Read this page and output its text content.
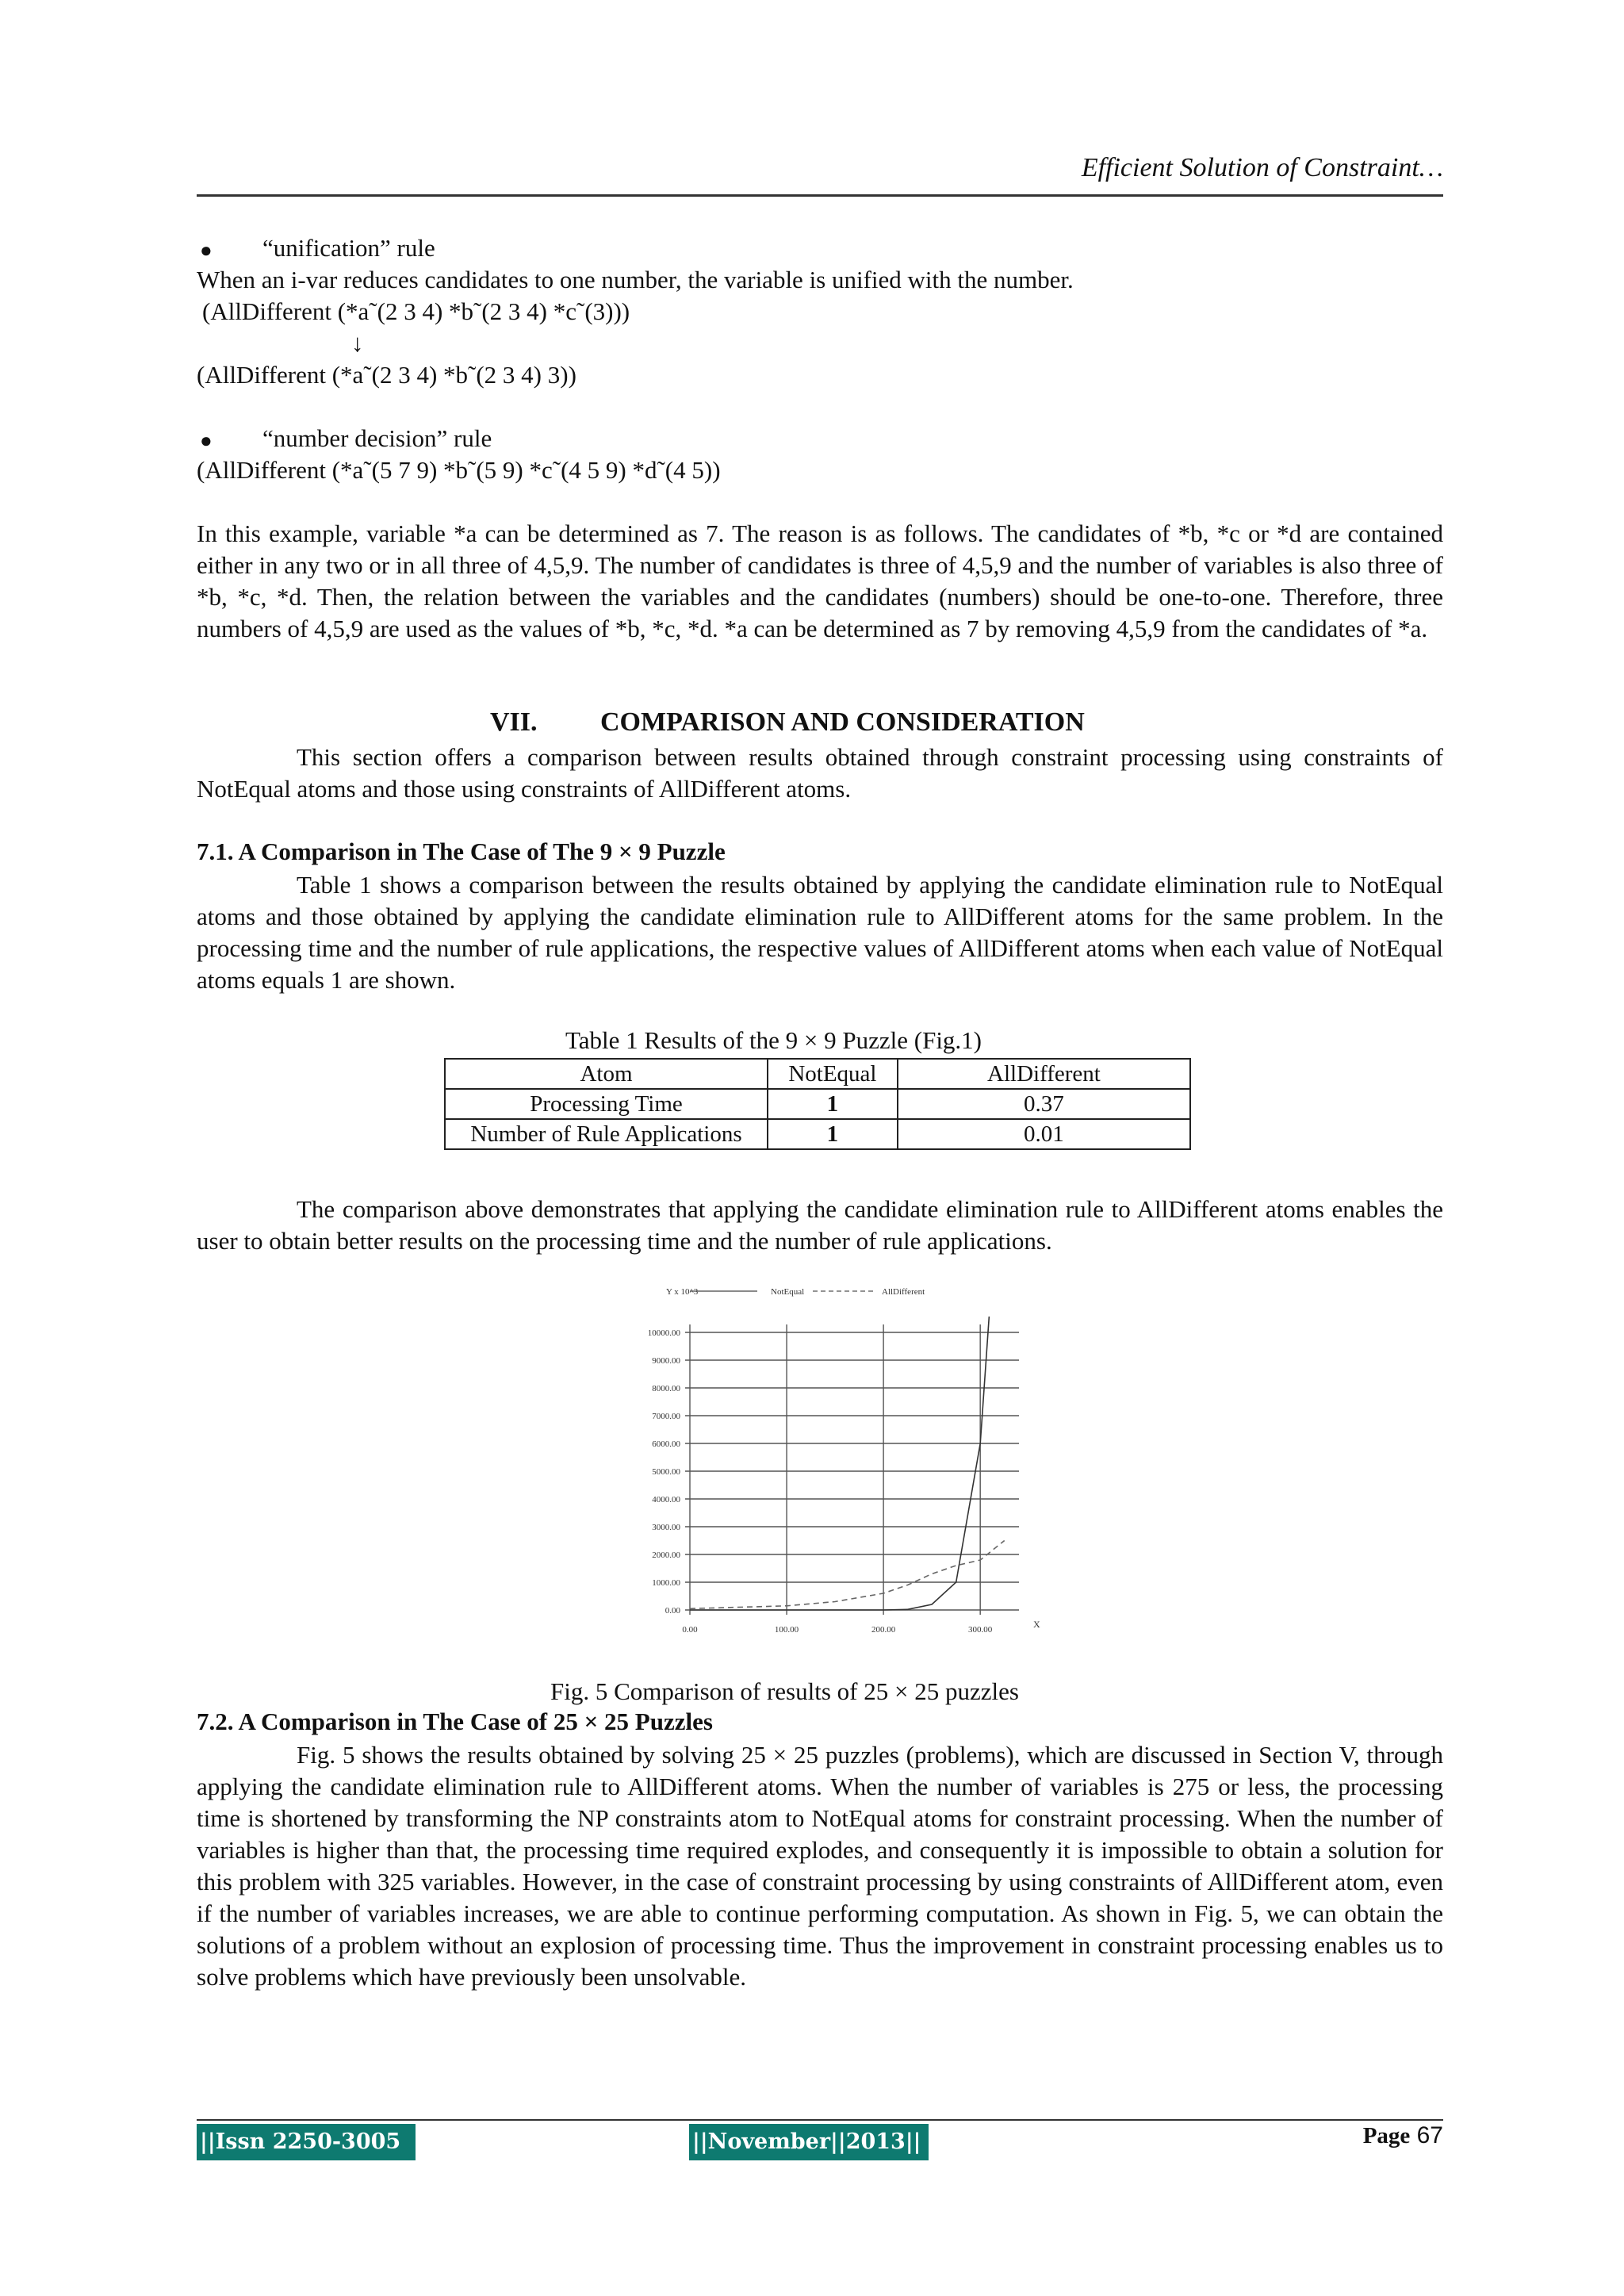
Efficient Solution of Constraint…
● “unification” rule
When an i-var reduces candidates to one number, the variable is unified with the number.
(AllDifferent (*a˜(2 3 4) *b˜(2 3 4) *c˜(3)))
↓
(AllDifferent (*a˜(2 3 4) *b˜(2 3 4) 3))
● “number decision” rule
(AllDifferent (*a˜(5 7 9) *b˜(5 9) *c˜(4 5 9) *d˜(4 5))

In this example, variable *a can be determined as 7. The reason is as follows. The candidates of *b, *c or *d are contained either in any two or in all three of 4,5,9. The number of candidates is three of 4,5,9 and the number of variables is also three of *b, *c, *d. Then, the relation between the variables and the candidates (numbers) should be one-to-one. Therefore, three numbers of 4,5,9 are used as the values of *b, *c, *d. *a can be determined as 7 by removing 4,5,9 from the candidates of *a.

VII. COMPARISON AND CONSIDERATION

This section offers a comparison between results obtained through constraint processing using constraints of NotEqual atoms and those using constraints of AllDifferent atoms.

7.1. A Comparison in The Case of The 9 × 9 Puzzle

Table 1 shows a comparison between the results obtained by applying the candidate elimination rule to NotEqual atoms and those obtained by applying the candidate elimination rule to AllDifferent atoms for the same problem. In the processing time and the number of rule applications, the respective values of AllDifferent atoms when each value of NotEqual atoms equals 1 are shown.

Table 1 Results of the 9 × 9 Puzzle (Fig.1)
Atom	NotEqual	AllDifferent
Processing Time	1	0.37
Number of Rule Applications	1	0.01

The comparison above demonstrates that applying the candidate elimination rule to AllDifferent atoms enables the user to obtain better results on the processing time and the number of rule applications.

0.00
1000.00
2000.00
3000.00
4000.00
5000.00
6000.00
7000.00
8000.00
9000.00
10000.00
0.00	100.00	200.00	300.00
Y x 10^3
X
NotEqual	AllDifferent
Fig. 5 Comparison of results of 25 × 25 puzzles
7.2. A Comparison in The Case of 25 × 25 Puzzles

Fig. 5 shows the results obtained by solving 25 × 25 puzzles (problems), which are discussed in Section V, through applying the candidate elimination rule to AllDifferent atoms. When the number of variables is 275 or less, the processing time is shortened by transforming the NP constraints atom to NotEqual atoms for constraint processing. When the number of variables is higher than that, the processing time required explodes, and consequently it is impossible to obtain a solution for this problem with 325 variables. However, in the case of constraint processing by using constraints of AllDifferent atom, even if the number of variables increases, we are able to continue performing computation. As shown in Fig. 5, we can obtain the solutions of a problem without an explosion of processing time. Thus the improvement in constraint processing enables us to solve problems which have previously been unsolvable.

||Issn 2250-3005 ||
||November||2013||	Page 67
